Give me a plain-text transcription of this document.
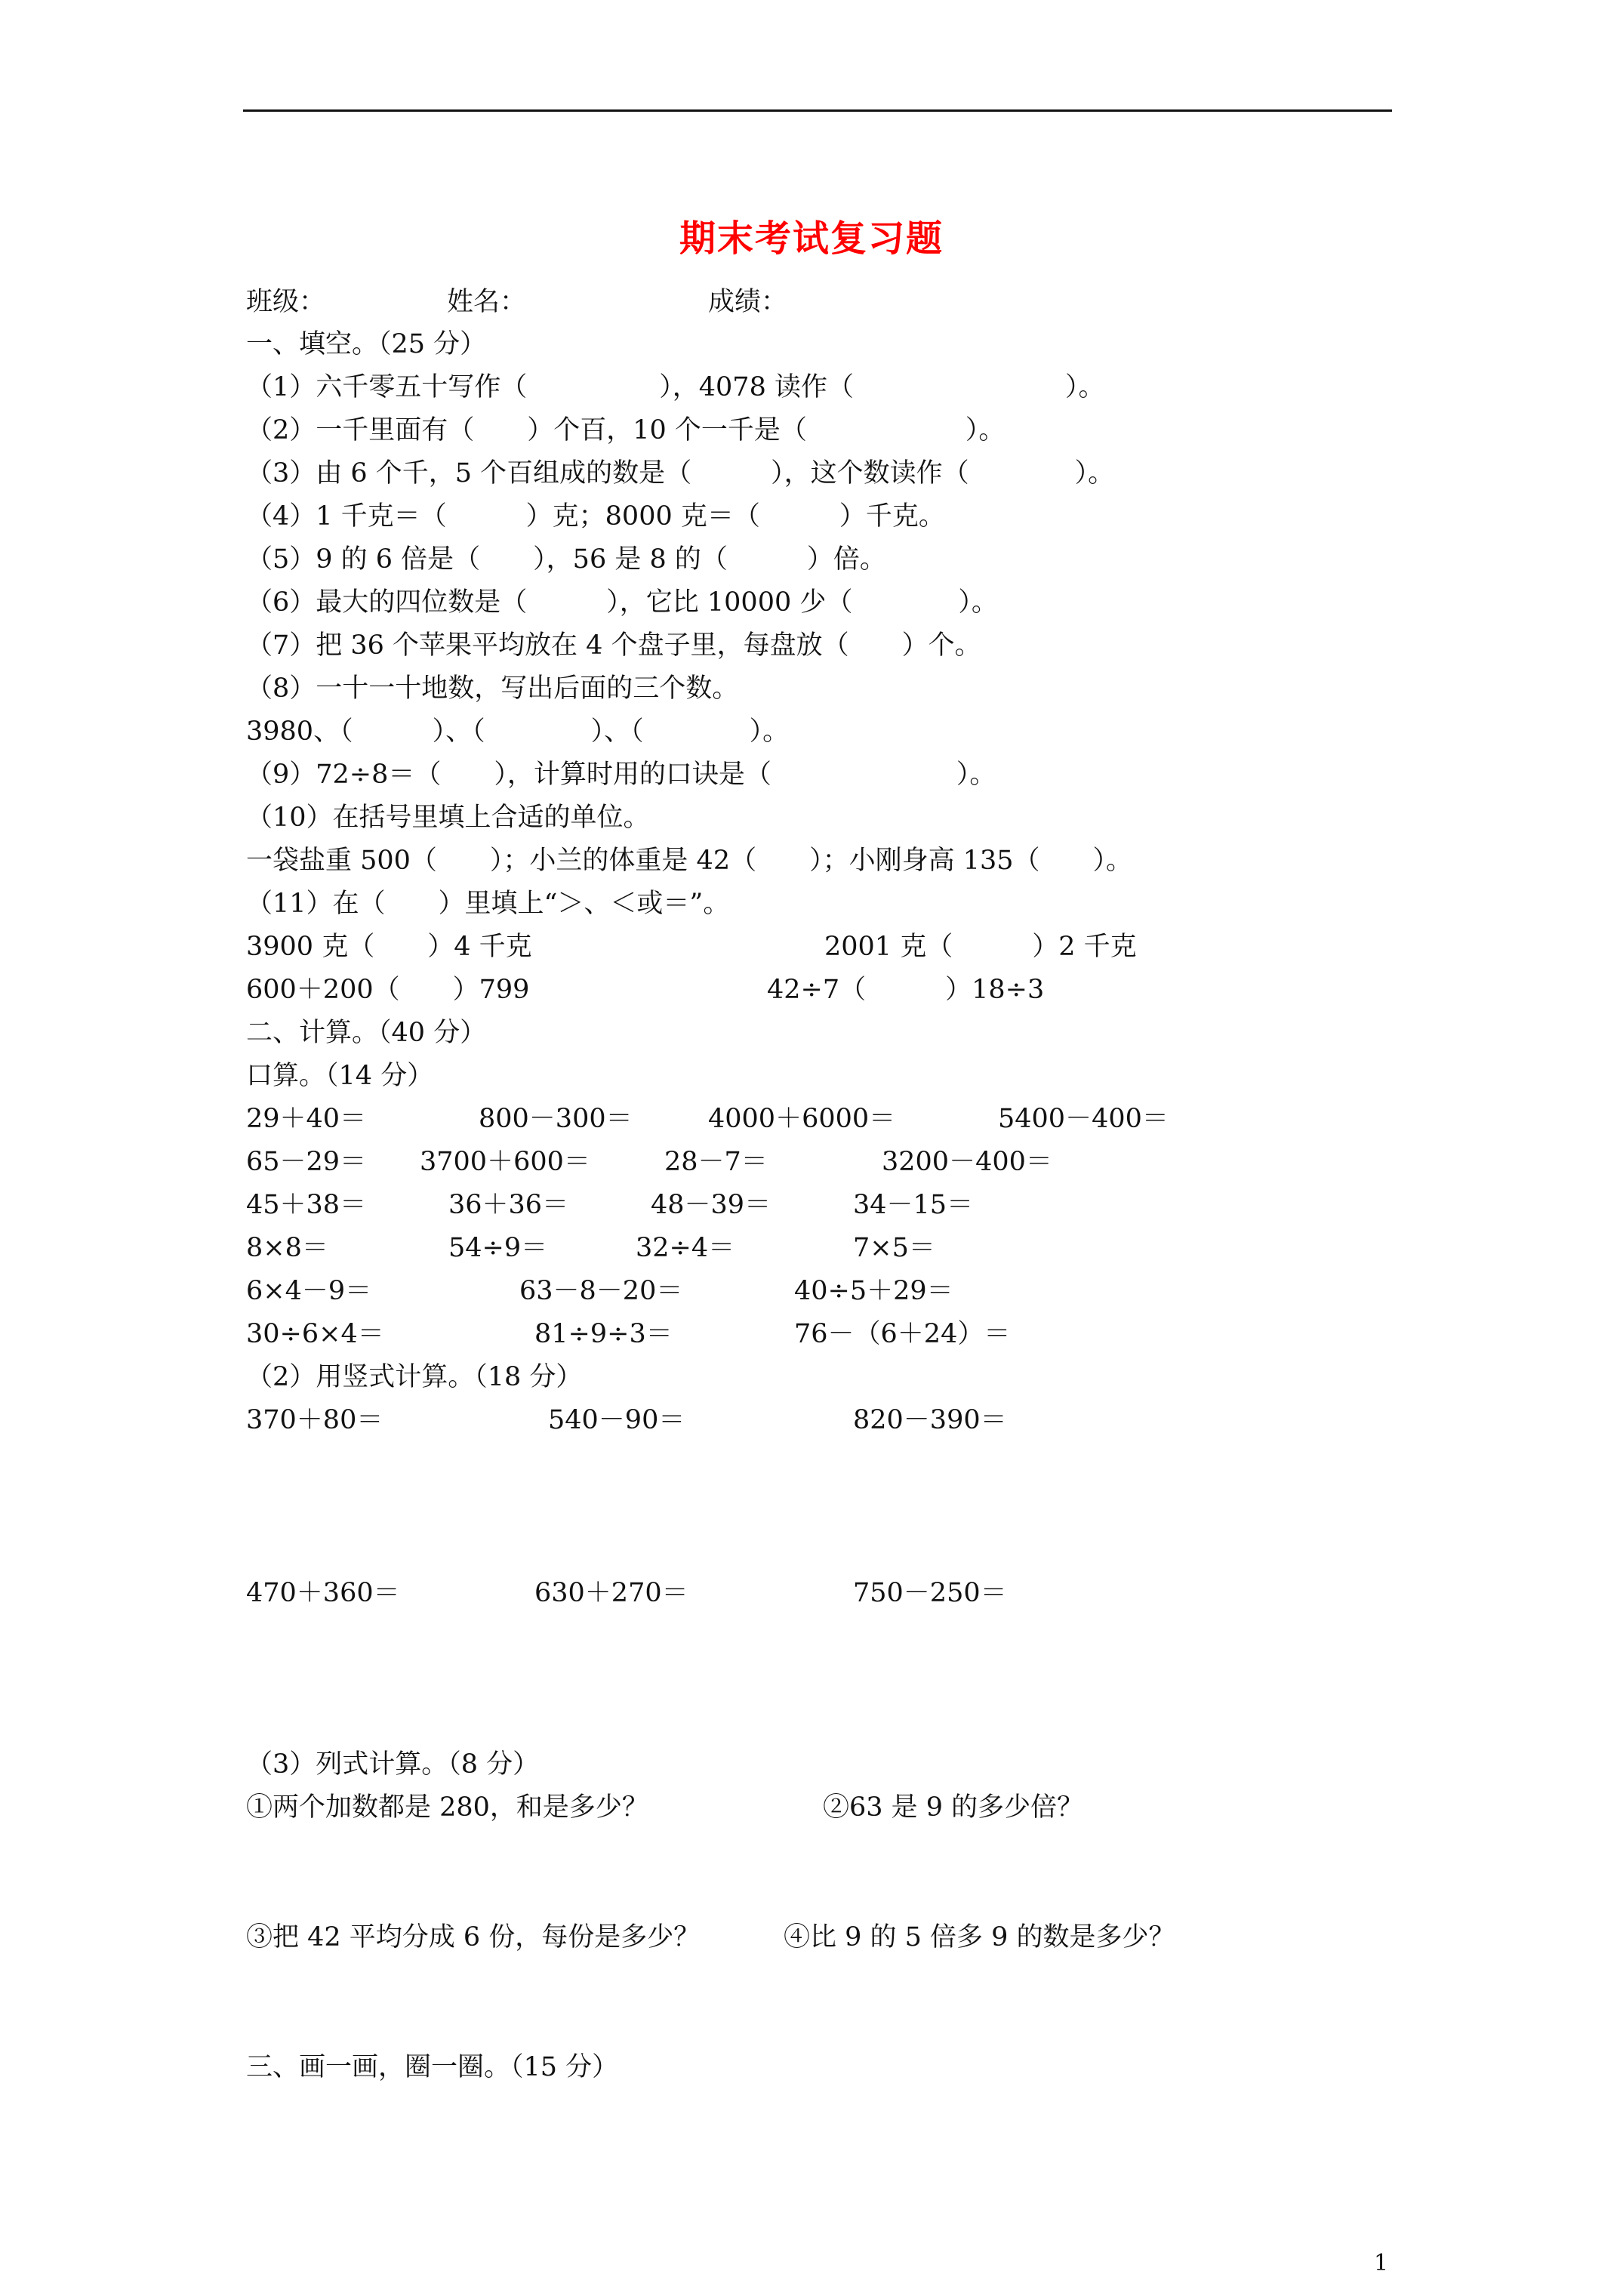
期末考试复习题
班级：	姓名：	成绩：
一、填空。（25 分）
（1）六千零五十写作（　　　　　），4078 读作（　　　　　　　　）。
（2）一千里面有（　　）个百，10 个一千是（　　　　　　）。
（3）由 6 个千，5 个百组成的数是（　　　），这个数读作（　　　　）。
（4）1 千克＝（　　　）克；8000 克＝（　　　）千克。
（5）9 的 6 倍是（　　），56 是 8 的（　　　）倍。
（6）最大的四位数是（　　　），它比 10000 少（　　　　）。
（7）把 36 个苹果平均放在 4 个盘子里，每盘放（　　）个。
（8）一十一十地数，写出后面的三个数。
3980、（　　　）、（　　　　）、（　　　　）。
（9）72÷8＝（　　），计算时用的口诀是（　　　　　　　）。
（10）在括号里填上合适的单位。
一袋盐重 500（　　）；小兰的体重是 42（　　）；小刚身高 135（　　）。
（11）在（　　）里填上“＞、＜或＝”。
3900 克（　　）4 千克	2001 克（　　　）2 千克
600＋200（　　）799	42÷7（　　　）18÷3
二、计算。（40 分）
口算。（14 分）
29＋40＝	800－300＝	4000＋6000＝	5400－400＝
65－29＝ 3700＋600＝	28－7＝	3200－400＝
45＋38＝	36＋36＝	48－39＝	34－15＝
8×8＝	54÷9＝	32÷4＝	7×5＝
6×4－9＝	63－8－20＝	40÷5＋29＝
30÷6×4＝	81÷9÷3＝	76－（6＋24）＝
（2）用竖式计算。（18 分）
370＋80＝	540－90＝	820－390＝
470＋360＝	630＋270＝	750－250＝
（3）列式计算。（8 分）
①两个加数都是 280，和是多少？	②63 是 9 的多少倍？
③把 42 平均分成 6 份，每份是多少？	④比 9 的 5 倍多 9 的数是多少？
三、画一画，圈一圈。（15 分）
1
